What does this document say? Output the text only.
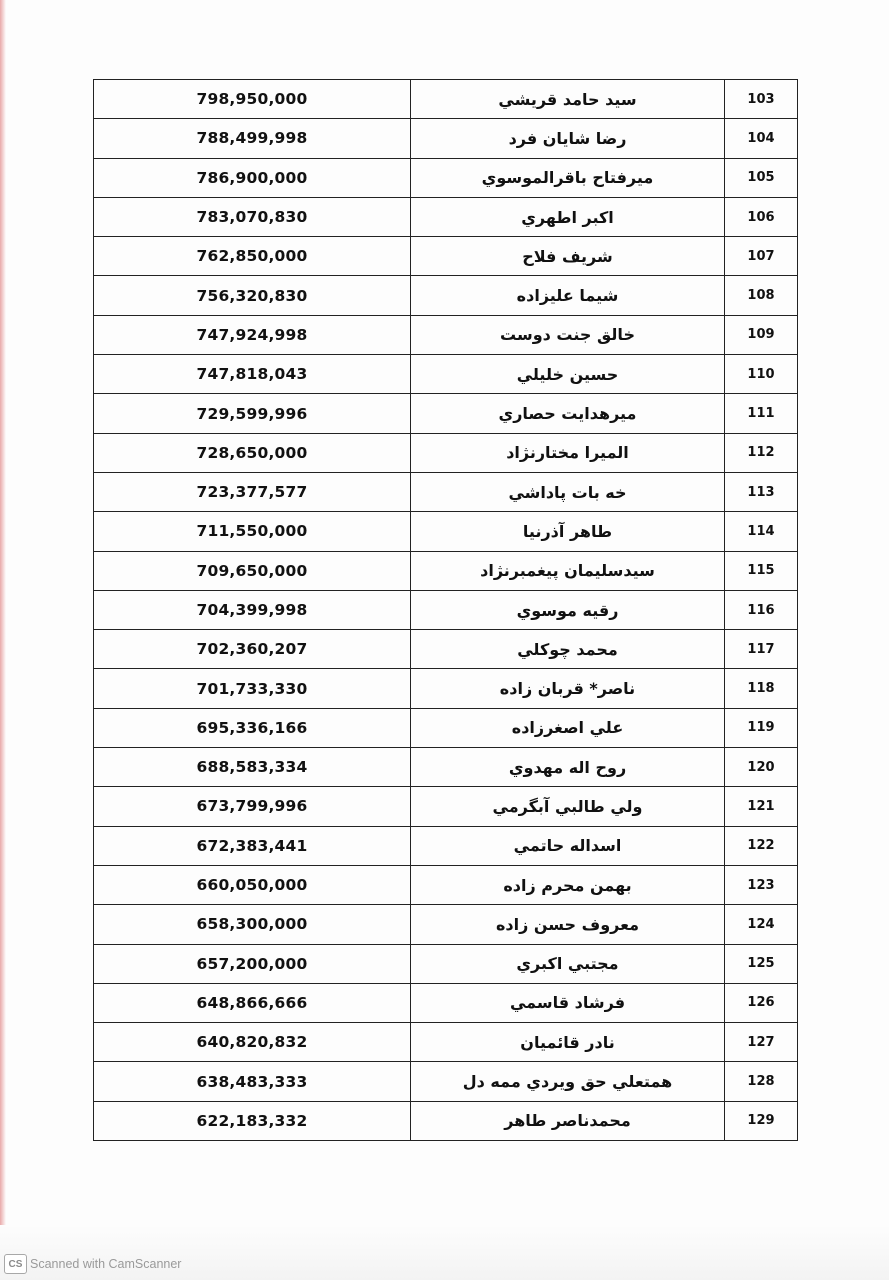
798,950,000	سيد حامد قريشي	103
788,499,998	رضا شايان فرد	104
786,900,000	ميرفتاح باقرالموسوي	105
783,070,830	اكبر اطهري	106
762,850,000	شريف فلاح	107
756,320,830	شيما عليزاده	108
747,924,998	خالق جنت دوست	109
747,818,043	حسين خليلي	110
729,599,996	ميرهدايت حصاري	111
728,650,000	الميرا مختارنژاد	112
723,377,577	خه بات پاداشي	113
711,550,000	طاهر آذرنيا	114
709,650,000	سيدسليمان پيغمبرنژاد	115
704,399,998	رقيه موسوي	116
702,360,207	محمد چوكلي	117
701,733,330	ناصر* قربان زاده	118
695,336,166	علي اصغرزاده	119
688,583,334	روح اله مهدوي	120
673,799,996	ولي طالبي آبگرمي	121
672,383,441	اسداله حاتمي	122
660,050,000	بهمن محرم زاده	123
658,300,000	معروف حسن زاده	124
657,200,000	مجتبي اكبري	125
648,866,666	فرشاد قاسمي	126
640,820,832	نادر قائميان	127
638,483,333	همتعلي حق ويردي ممه دل	128
622,183,332	محمدناصر طاهر	129
CS Scanned with CamScanner
